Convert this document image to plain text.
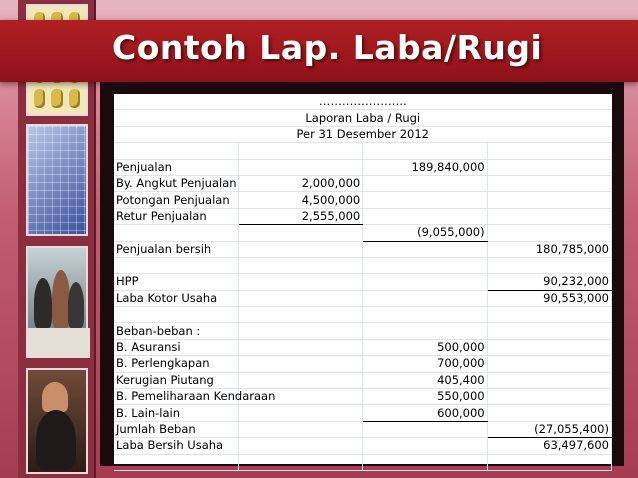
Contoh Lap. Laba/Rugi
…………………..			
Laporan Laba / Rugi			
Per 31 Desember 2012			

Penjualan		189,840,000	
By. Angkut Penjualan	2,000,000		
Potongan Penjualan	4,500,000		
Retur Penjualan	2,555,000		
		(9,055,000)	
Penjualan bersih			180,785,000

HPP			90,232,000
Laba Kotor Usaha			90,553,000

Beban-beban :			
B. Asuransi		500,000	
B. Perlengkapan		700,000	
Kerugian Piutang		405,400	
B. Pemeliharaan Kendaraan		550,000	
B. Lain-lain		600,000	
Jumlah Beban			(27,055,400)
Laba Bersih Usaha			63,497,600
